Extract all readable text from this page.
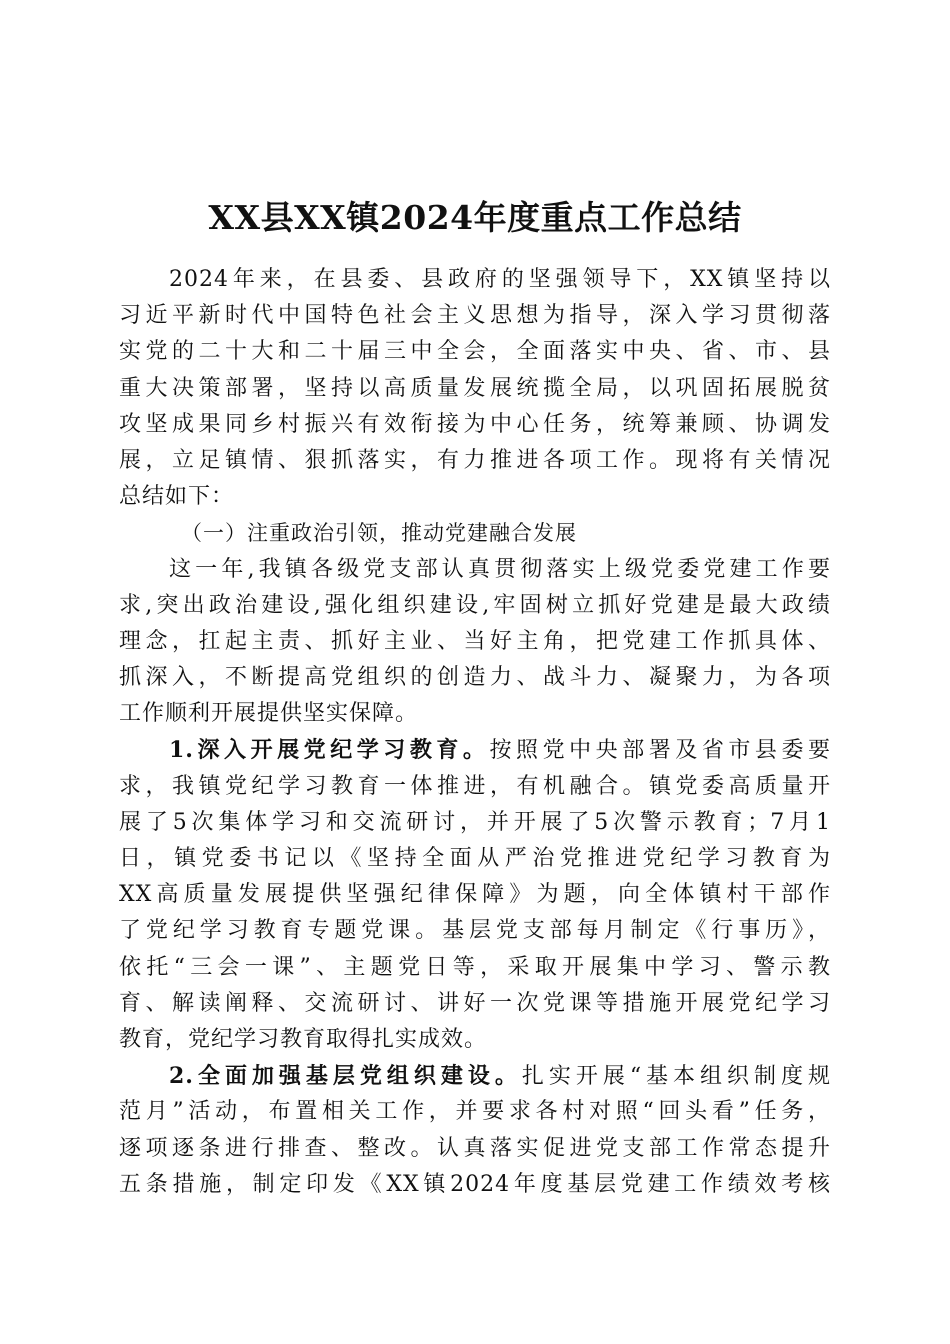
XX县XX镇2024年度重点工作总结
2024年来，在县委、县政府的坚强领导下，XX镇坚持以
习近平新时代中国特色社会主义思想为指导，深入学习贯彻落
实党的二十大和二十届三中全会，全面落实中央、省、市、县
重大决策部署，坚持以高质量发展统揽全局，以巩固拓展脱贫
攻坚成果同乡村振兴有效衔接为中心任务，统筹兼顾、协调发
展，立足镇情、狠抓落实，有力推进各项工作。现将有关情况
总结如下：
（一）注重政治引领，推动党建融合发展
这一年,我镇各级党支部认真贯彻落实上级党委党建工作要
求,突出政治建设,强化组织建设,牢固树立抓好党建是最大政绩
理念，扛起主责、抓好主业、当好主角，把党建工作抓具体、
抓深入，不断提高党组织的创造力、战斗力、凝聚力，为各项
工作顺利开展提供坚实保障。
1.深入开展党纪学习教育。按照党中央部署及省市县委要
求，我镇党纪学习教育一体推进，有机融合。镇党委高质量开
展了5次集体学习和交流研讨，并开展了5次警示教育；7月1
日，镇党委书记以《坚持全面从严治党推进党纪学习教育为
XX高质量发展提供坚强纪律保障》为题，向全体镇村干部作
了党纪学习教育专题党课。基层党支部每月制定《行事历》，
依托“三会一课”、主题党日等，采取开展集中学习、警示教
育、解读阐释、交流研讨、讲好一次党课等措施开展党纪学习
教育，党纪学习教育取得扎实成效。
2.全面加强基层党组织建设。扎实开展“基本组织制度规
范月”活动，布置相关工作，并要求各村对照“回头看”任务，
逐项逐条进行排查、整改。认真落实促进党支部工作常态提升
五条措施，制定印发《XX镇2024年度基层党建工作绩效考核
